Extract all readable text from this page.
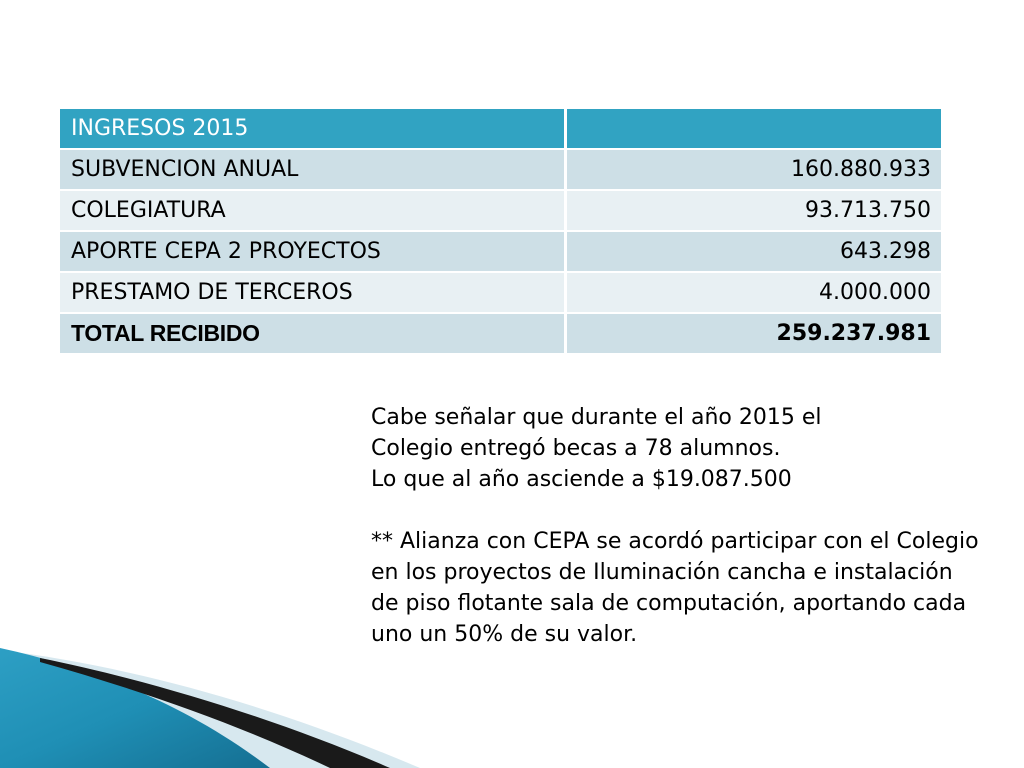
INGRESOS 2015	
SUBVENCION ANUAL	160.880.933
COLEGIATURA	93.713.750
APORTE CEPA 2 PROYECTOS	643.298
PRESTAMO DE TERCEROS	4.000.000
TOTAL RECIBIDO	259.237.981

Cabe señalar que durante el año 2015 el

Colegio entregó becas a 78 alumnos.

Lo que al año asciende a $19.087.500

** Alianza con CEPA se acordó participar con el Colegio en los proyectos de Iluminación cancha e instalación de piso flotante sala de computación, aportando cada uno un 50% de su valor.
